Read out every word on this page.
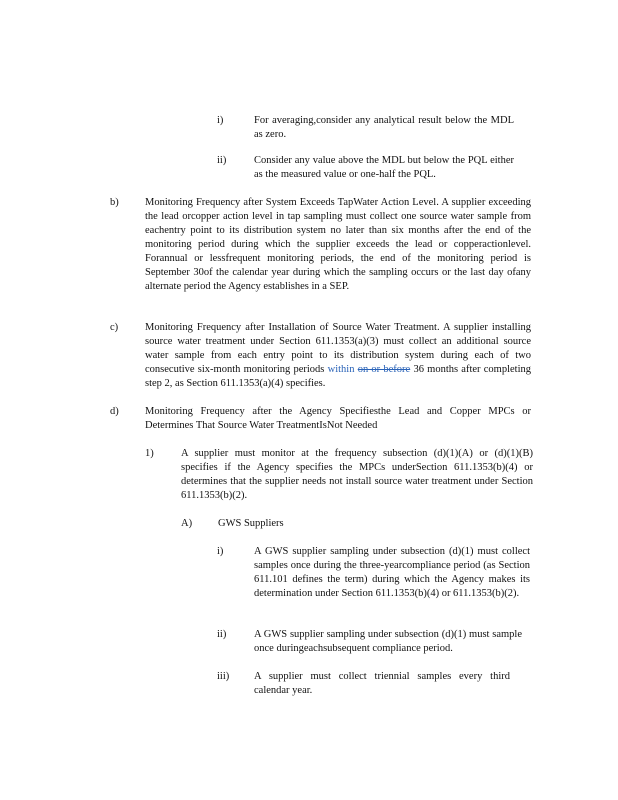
i)	For averaging,consider any analytical result below the MDL as zero.

ii)	Consider any value above the MDL but below the PQL either as the measured value or one-half the PQL.

b)	Monitoring Frequency after System Exceeds TapWater Action Level. A supplier exceeding the lead orcopper action level in tap sampling must collect one source water sample from eachentry point to its distribution system no later than six months after the end of the monitoring period during which the supplier exceeds the lead or copperactionlevel. Forannual or lessfrequent monitoring periods, the end of the monitoring period is September 30of the calendar year during which the sampling occurs or the last day ofany alternate period the Agency establishes in a SEP.

c)	Monitoring Frequency after Installation of Source Water Treatment. A supplier installing source water treatment under Section 611.1353(a)(3) must collect an additional source water sample from each entry point to its distribution system during each of two consecutive six-month monitoring periods within on or before 36 months after completing step 2, as Section 611.1353(a)(4) specifies.

d)	Monitoring Frequency after the Agency Specifiesthe Lead and Copper MPCs or Determines That Source Water TreatmentIsNot Needed

1)	A supplier must monitor at the frequency subsection (d)(1)(A) or (d)(1)(B) specifies if the Agency specifies the MPCs underSection 611.1353(b)(4) or determines that the supplier needs not install source water treatment under Section 611.1353(b)(2).

A) GWS Suppliers

i)	A GWS supplier sampling under subsection (d)(1) must collect samples once during the three-yearcompliance period (as Section 611.101 defines the term) during which the Agency makes its determination under Section 611.1353(b)(4) or 611.1353(b)(2).

ii)	A GWS supplier sampling under subsection (d)(1) must sample once duringeachsubsequent compliance period.

iii) A supplier must collect triennial samples every third calendar year.
